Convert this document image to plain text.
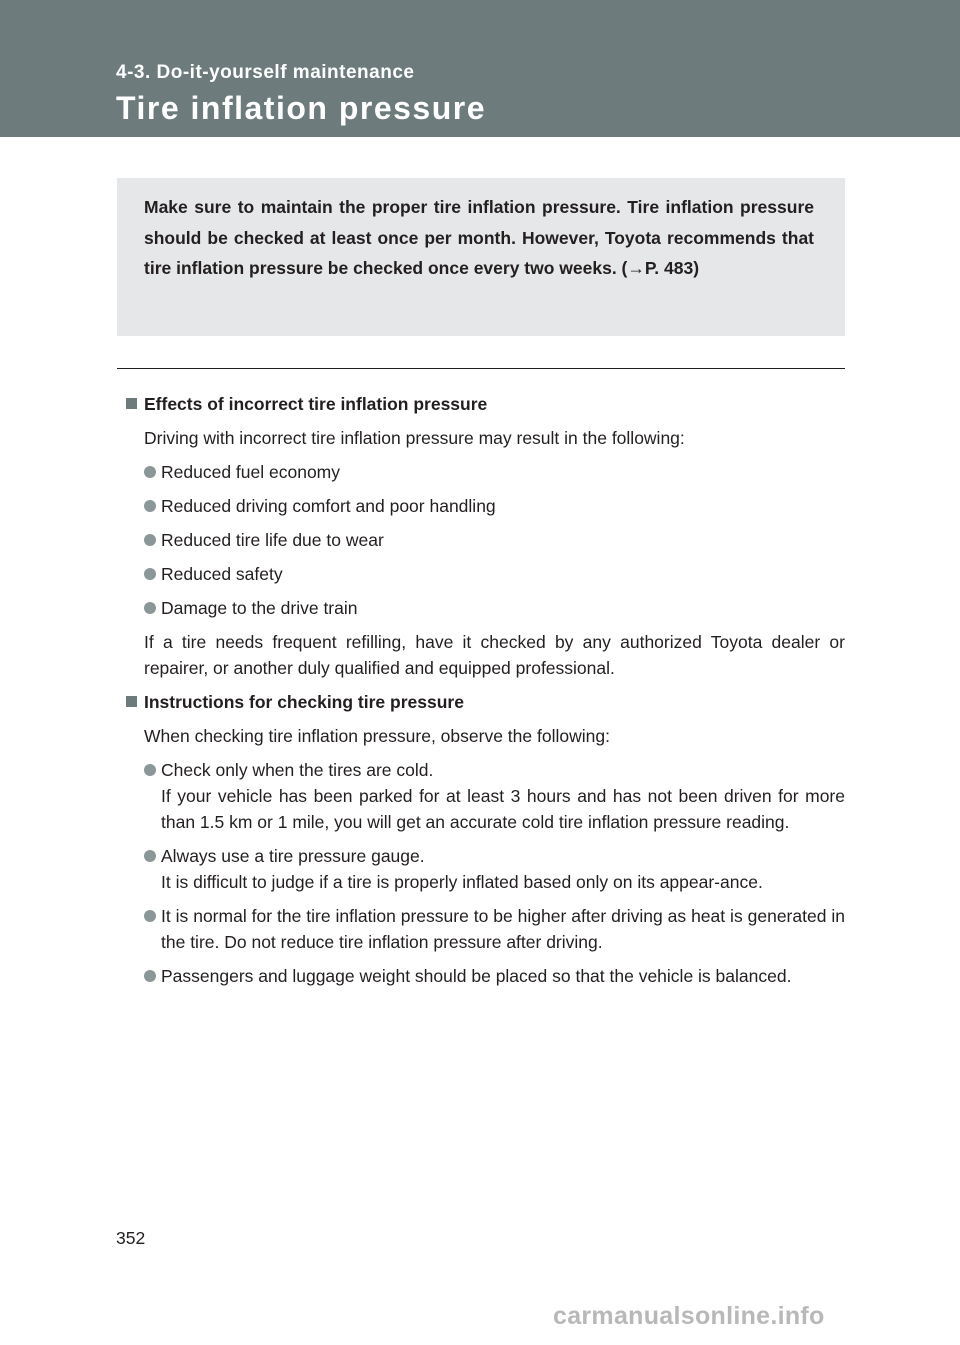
4-3. Do-it-yourself maintenance
Tire inflation pressure

Make sure to maintain the proper tire inflation pressure. Tire inflation pressure should be checked at least once per month. However, Toyota recommends that tire inflation pressure be checked once every two weeks. (→P. 483)

Effects of incorrect tire inflation pressure
Driving with incorrect tire inflation pressure may result in the following:
Reduced fuel economy
Reduced driving comfort and poor handling
Reduced tire life due to wear
Reduced safety
Damage to the drive train
If a tire needs frequent refilling, have it checked by any authorized Toyota dealer or repairer, or another duly qualified and equipped professional.
Instructions for checking tire pressure
When checking tire inflation pressure, observe the following:
Check only when the tires are cold.
If your vehicle has been parked for at least 3 hours and has not been driven for more than 1.5 km or 1 mile, you will get an accurate cold tire inflation pressure reading.
Always use a tire pressure gauge.
It is difficult to judge if a tire is properly inflated based only on its appear-ance.
It is normal for the tire inflation pressure to be higher after driving as heat is generated in the tire. Do not reduce tire inflation pressure after driving.
Passengers and luggage weight should be placed so that the vehicle is balanced.
352
carmanualsonline.info
